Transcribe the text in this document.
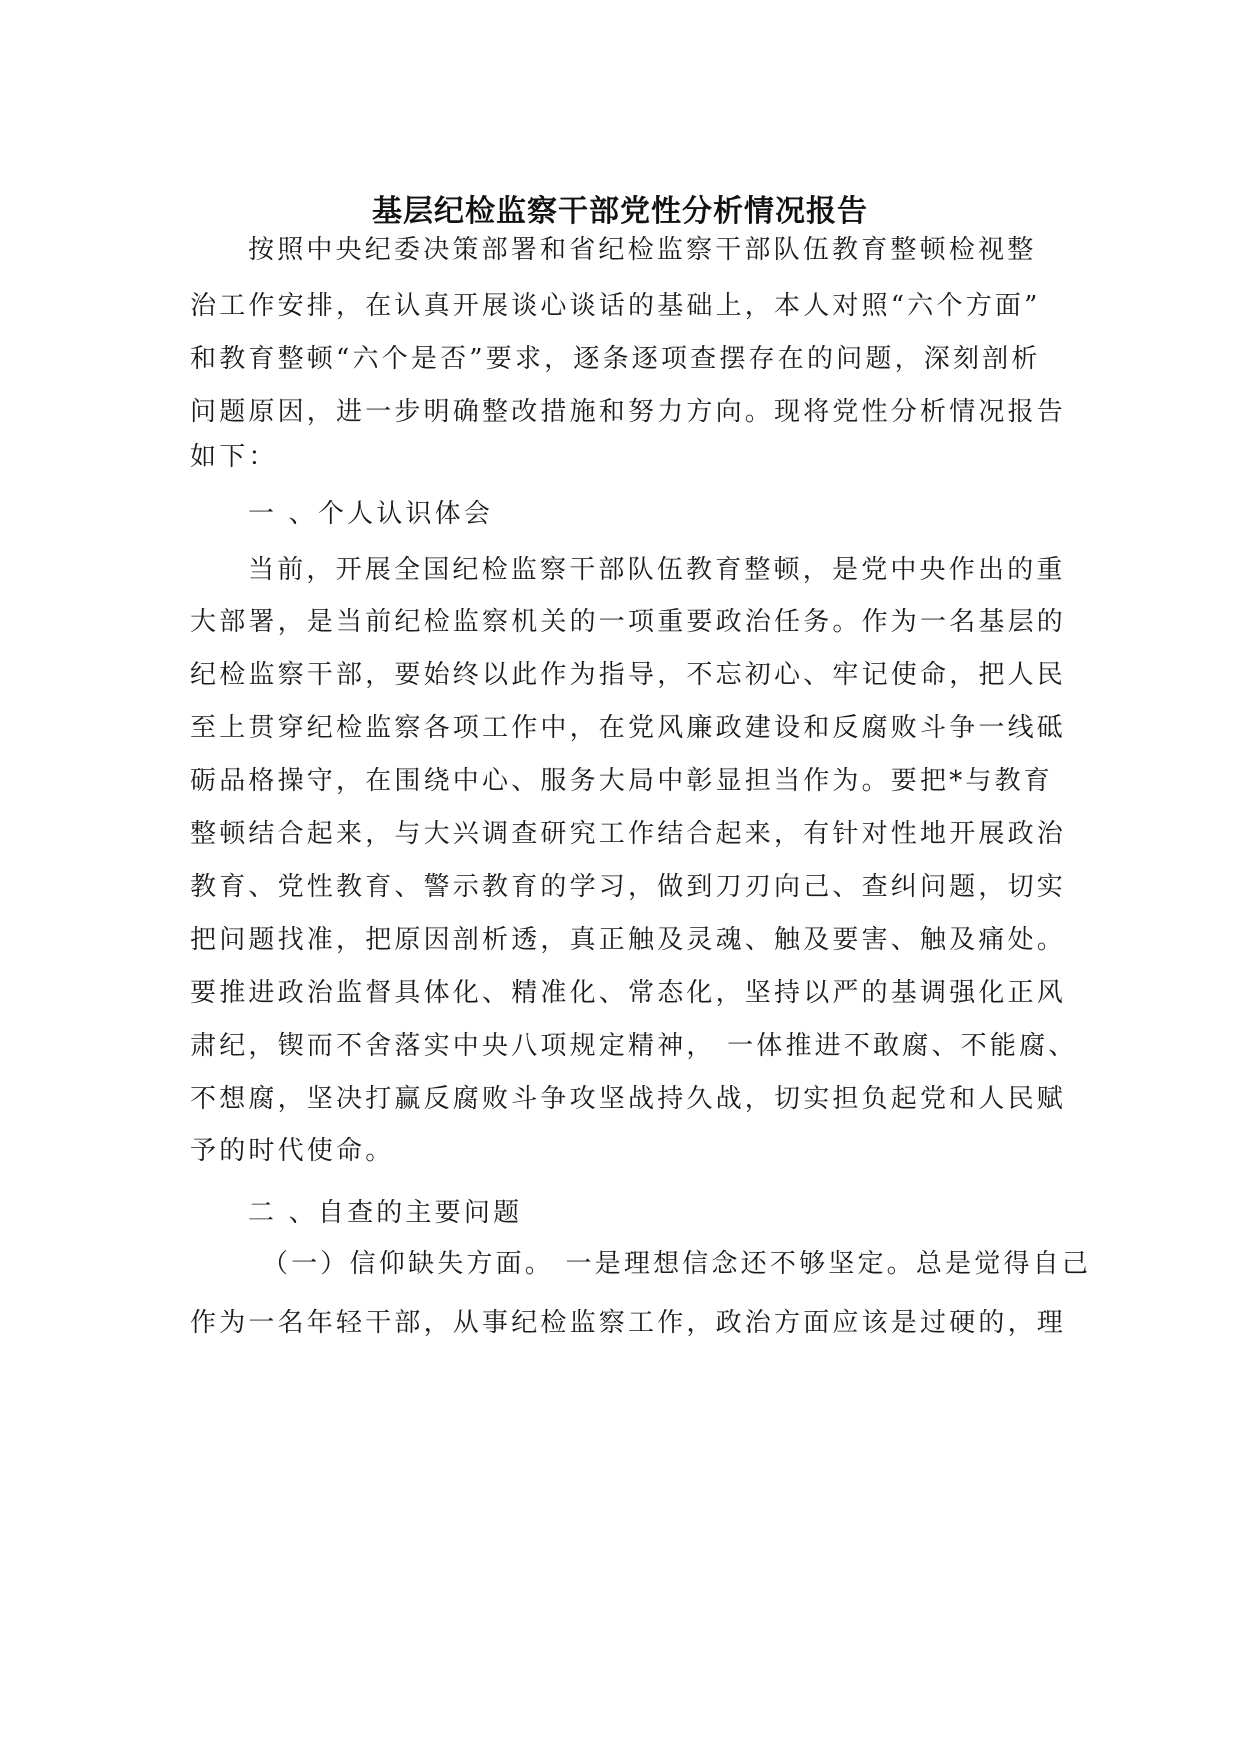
基层纪检监察干部党性分析情况报告
按照中央纪委决策部署和省纪检监察干部队伍教育整顿检视整
治工作安排，在认真开展谈心谈话的基础上，本人对照“六个方面”
和教育整顿“六个是否”要求，逐条逐项查摆存在的问题，深刻剖析
问题原因，进一步明确整改措施和努力方向。现将党性分析情况报告
如下：
一 、个人认识体会
当前，开展全国纪检监察干部队伍教育整顿，是党中央作出的重
大部署，是当前纪检监察机关的一项重要政治任务。作为一名基层的
纪检监察干部，要始终以此作为指导，不忘初心、牢记使命，把人民
至上贯穿纪检监察各项工作中，在党风廉政建设和反腐败斗争一线砥
砺品格操守，在围绕中心、服务大局中彰显担当作为。要把*与教育
整顿结合起来，与大兴调查研究工作结合起来，有针对性地开展政治
教育、党性教育、警示教育的学习，做到刀刃向己、查纠问题，切实
把问题找准，把原因剖析透，真正触及灵魂、触及要害、触及痛处。
要推进政治监督具体化、精准化、常态化，坚持以严的基调强化正风
肃纪，锲而不舍落实中央八项规定精神， 一体推进不敢腐、不能腐、
不想腐，坚决打赢反腐败斗争攻坚战持久战，切实担负起党和人民赋
予的时代使命。
二 、自查的主要问题
（一）信仰缺失方面。 一是理想信念还不够坚定。总是觉得自己
作为一名年轻干部，从事纪检监察工作，政治方面应该是过硬的，理
